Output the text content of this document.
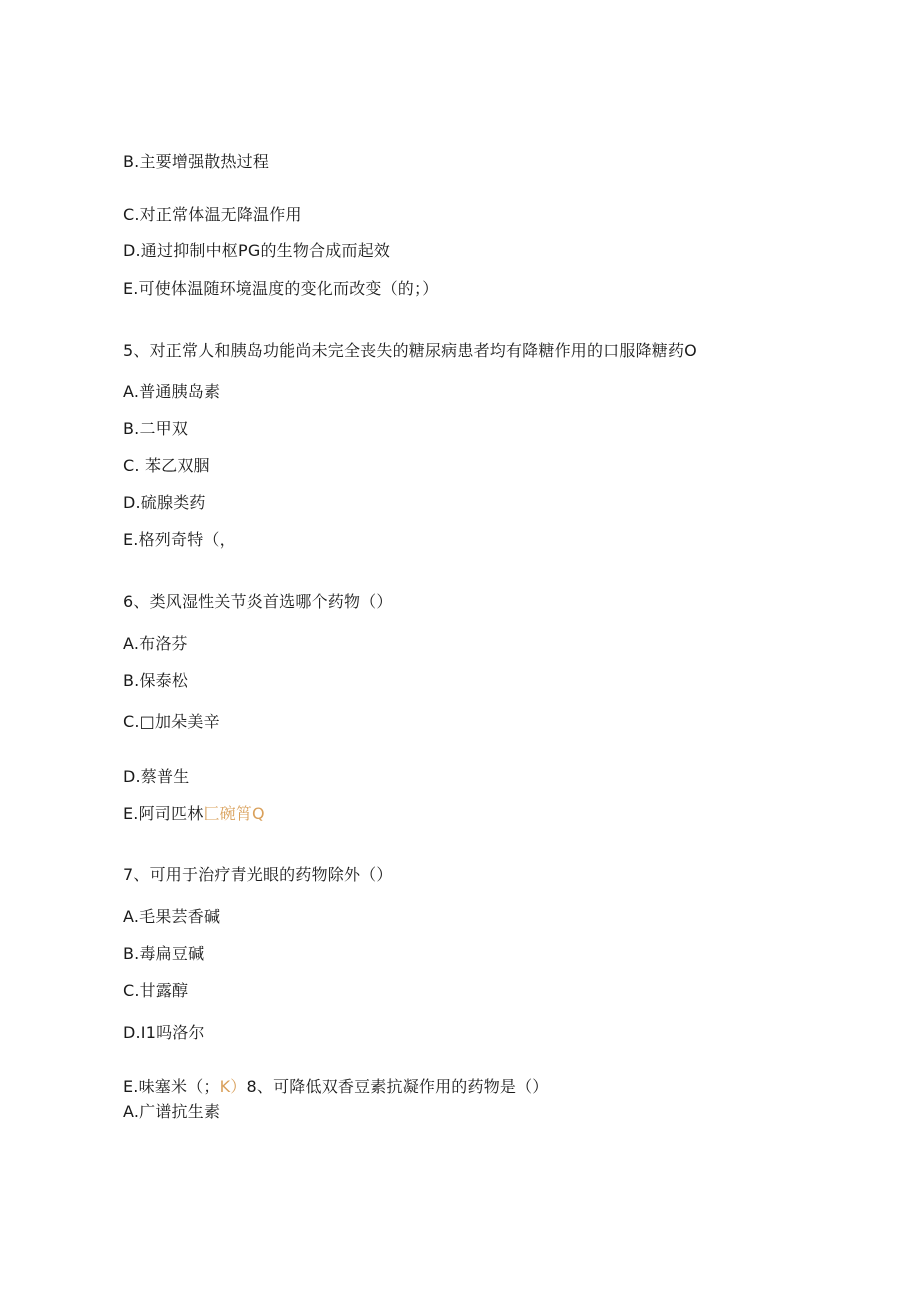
B.主要增强散热过程
C.对正常体温无降温作用
D.通过抑制中枢PG的生物合成而起效
E.可使体温随环境温度的变化而改变（的；）
5、对正常人和胰岛功能尚未完全丧失的糖尿病患者均有降糖作用的口服降糖药O
A.普通胰岛素
B.二甲双
C. 苯乙双胭
D.硫腺类药
E.格列奇特（，
6、类风湿性关节炎首选哪个药物（）
A.布洛芬
B.保泰松
C.□加朵美辛
D.蔡普生
E.阿司匹林匚碗筲Q
7、可用于治疗青光眼的药物除外（）
A.毛果芸香碱
B.毒扁豆碱
C.甘露醇
D.I1吗洛尔
E.味塞米（；K）8、可降低双香豆素抗凝作用的药物是（）
A.广谱抗生素
